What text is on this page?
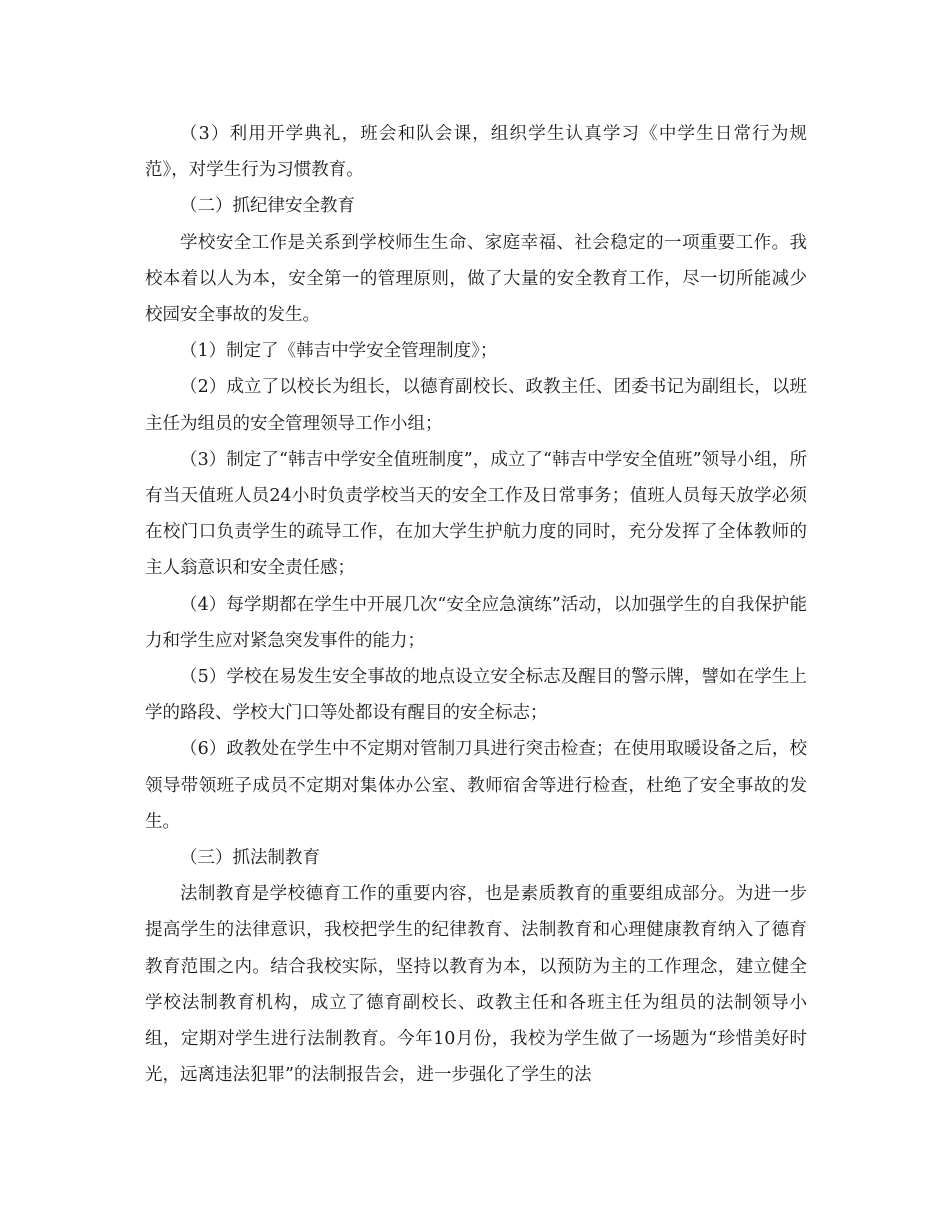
（3）利用开学典礼，班会和队会课，组织学生认真学习《中学生日常行为规范》，对学生行为习惯教育。

（二）抓纪律安全教育

学校安全工作是关系到学校师生生命、家庭幸福、社会稳定的一项重要工作。我校本着以人为本，安全第一的管理原则，做了大量的安全教育工作，尽一切所能减少校园安全事故的发生。

（1）制定了《韩吉中学安全管理制度》；

（2）成立了以校长为组长，以德育副校长、政教主任、团委书记为副组长，以班主任为组员的安全管理领导工作小组；

（3）制定了“韩吉中学安全值班制度”，成立了“韩吉中学安全值班”领导小组，所有当天值班人员24小时负责学校当天的安全工作及日常事务；值班人员每天放学必须在校门口负责学生的疏导工作，在加大学生护航力度的同时，充分发挥了全体教师的主人翁意识和安全责任感；

（4）每学期都在学生中开展几次“安全应急演练”活动，以加强学生的自我保护能力和学生应对紧急突发事件的能力；

（5）学校在易发生安全事故的地点设立安全标志及醒目的警示牌，譬如在学生上学的路段、学校大门口等处都设有醒目的安全标志；

（6）政教处在学生中不定期对管制刀具进行突击检查；在使用取暖设备之后，校领导带领班子成员不定期对集体办公室、教师宿舍等进行检查，杜绝了安全事故的发生。

（三）抓法制教育

法制教育是学校德育工作的重要内容，也是素质教育的重要组成部分。为进一步提高学生的法律意识，我校把学生的纪律教育、法制教育和心理健康教育纳入了德育教育范围之内。结合我校实际，坚持以教育为本，以预防为主的工作理念，建立健全学校法制教育机构，成立了德育副校长、政教主任和各班主任为组员的法制领导小组，定期对学生进行法制教育。今年10月份，我校为学生做了一场题为“珍惜美好时光，远离违法犯罪”的法制报告会，进一步强化了学生的法
